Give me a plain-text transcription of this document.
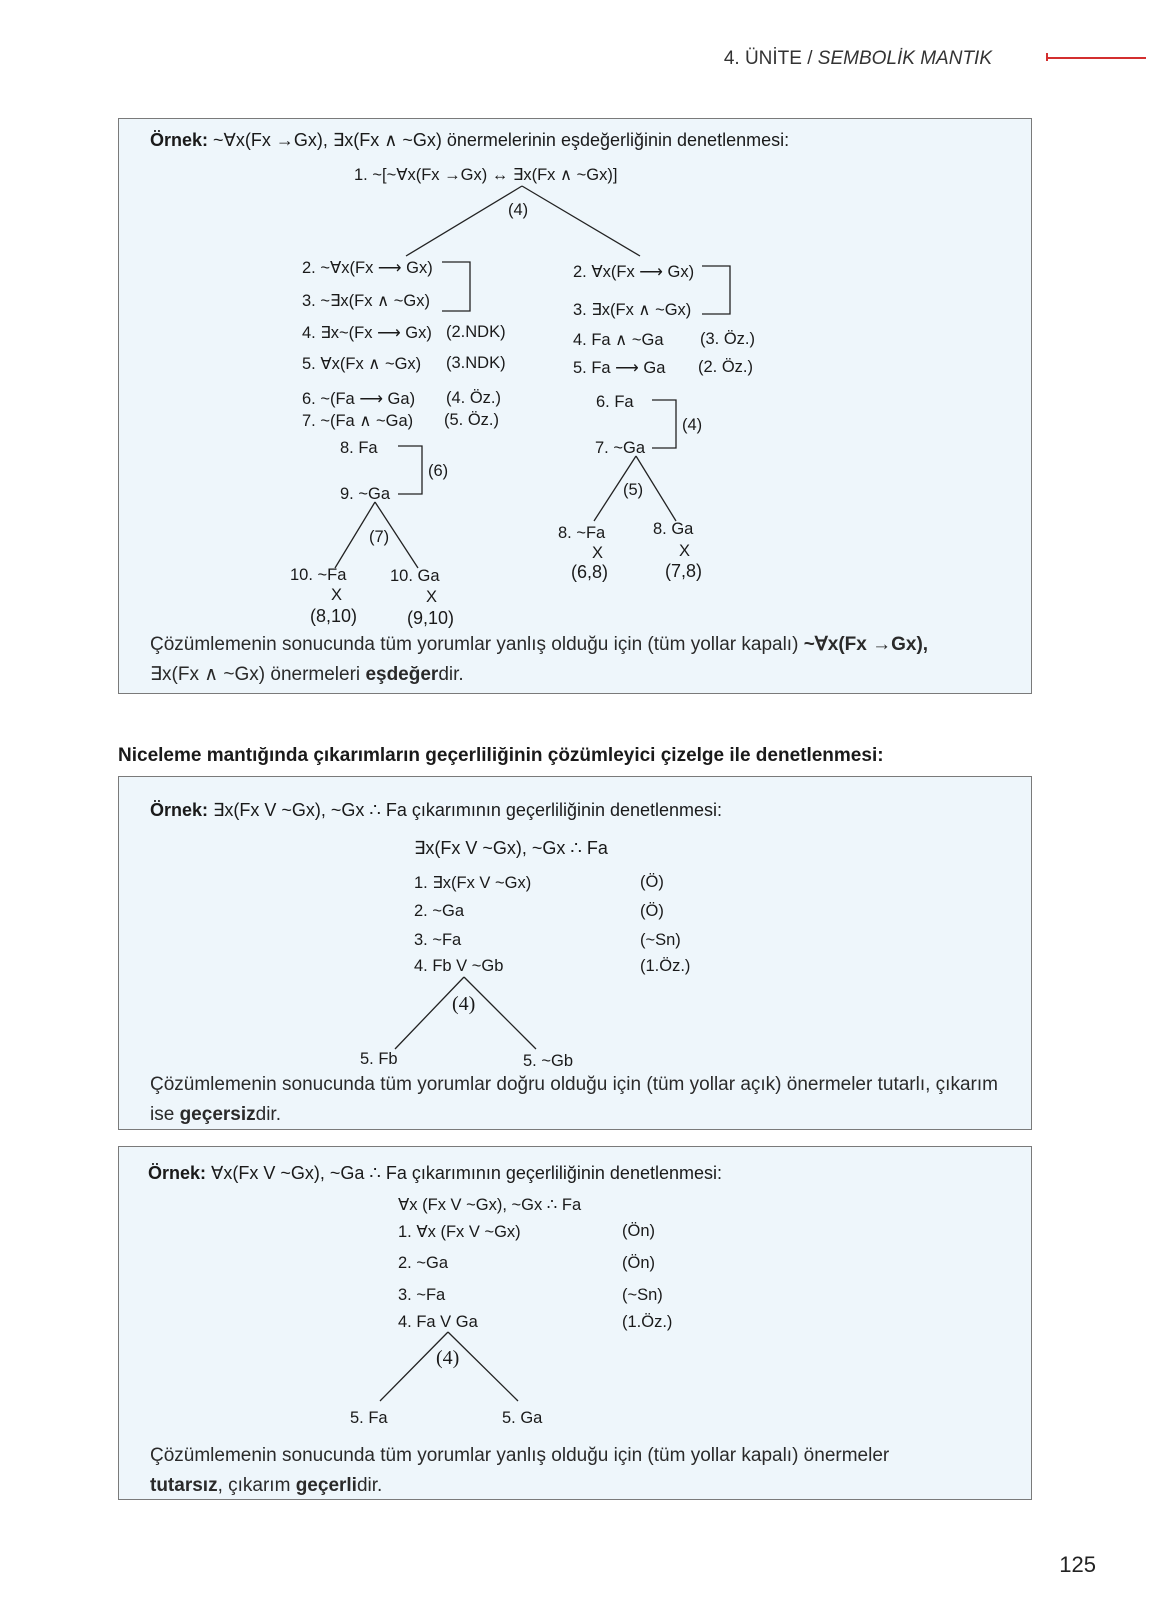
4. ÜNİTE / SEMBOLİK MANTIK
Örnek: ~∀x(Fx →Gx), ∃x(Fx ∧ ~Gx) önermelerinin eşdeğerliğinin denetlenmesi:
1. ~[~∀x(Fx →Gx) ↔ ∃x(Fx ∧ ~Gx)]
(4)
2. ~∀x(Fx ⟶ Gx)
3. ~∃x(Fx ∧ ~Gx)
4. ∃x~(Fx ⟶ Gx) (2.NDK)
5. ∀x(Fx ∧ ~Gx) (3.NDK)
6. ~(Fa ⟶ Ga) (4. Öz.)
7. ~(Fa ∧ ~Ga) (5. Öz.)
8. Fa
9. ~Ga
(6)
(7)
10. ~Fa
X
(8,10)
10. Ga
X
(9,10)
2. ∀x(Fx ⟶ Gx)
3. ∃x(Fx ∧ ~Gx)
4. Fa ∧ ~Ga (3. Öz.)
5. Fa ⟶ Ga (2. Öz.)
6. Fa
7. ~Ga
(4)
(5)
8. ~Fa
X
(6,8)
8. Ga
X
(7,8)
Çözümlemenin sonucunda tüm yorumlar yanlış olduğu için (tüm yollar kapalı) ~∀x(Fx →Gx),
∃x(Fx ∧ ~Gx) önermeleri eşdeğerdir.
Niceleme mantığında çıkarımların geçerliliğinin çözümleyici çizelge ile denetlenmesi:
Örnek: ∃x(Fx V ~Gx), ~Gx ∴ Fa çıkarımının geçerliliğinin denetlenmesi:
∃x(Fx V ~Gx), ~Gx ∴ Fa
1. ∃x(Fx V ~Gx)	(Ö)
2. ~Ga	(Ö)
3. ~Fa	(~Sn)
4. Fb V ~Gb	(1.Öz.)
(4)
5. Fb	5. ~Gb
Çözümlemenin sonucunda tüm yorumlar doğru olduğu için (tüm yollar açık) önermeler tutarlı, çıkarım ise geçersizdir.
Örnek: ∀x(Fx V ~Gx), ~Ga ∴ Fa çıkarımının geçerliliğinin denetlenmesi:
∀x (Fx V ~Gx), ~Gx ∴ Fa
1. ∀x (Fx V ~Gx)	(Ön)
2. ~Ga	(Ön)
3. ~Fa	(~Sn)
4. Fa V Ga	(1.Öz.)
(4)
5. Fa	5. Ga
Çözümlemenin sonucunda tüm yorumlar yanlış olduğu için (tüm yollar kapalı) önermeler
tutarsız, çıkarım geçerlidir.
125
